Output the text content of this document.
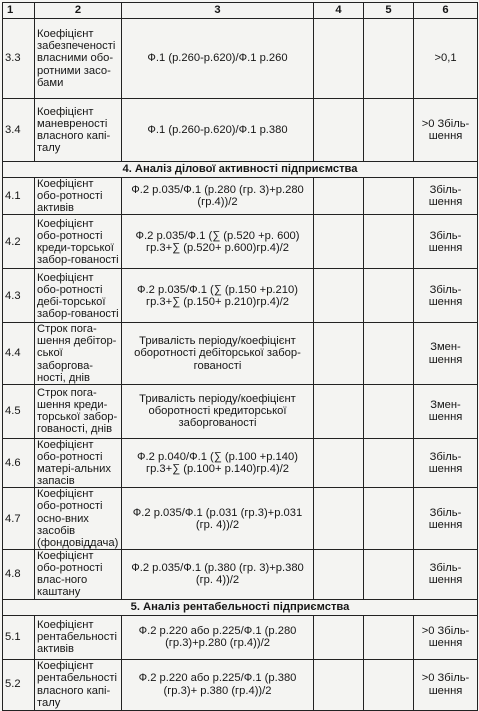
1	2	3	4	5	6
3.3	Коефіцієнт забезпеченості власними обо-ротними засо-бами	Ф.1 (р.260-р.620)/Ф.1 р.260			>0,1
3.4	Коефіцієнт маневреності власного капі-талу	Ф.1 (р.260-р.620)/Ф.1 р.380			>0 Збіль-шення
4. Аналіз ділової активності підприємства					
4.1	Коефіцієнт обо-ротності активів	Ф.2 р.035/Ф.1 (р.280 (гр. 3)+р.280 (гр.4))/2			Збіль-шення
4.2	Коефіцієнт обо-ротності креди-торської забор-гованості	Ф.2 р.035/Ф.1 (∑ (р.520 +р. 600) гр.3+∑ (р.520+ р.600)гр.4)/2			Збіль-шення
4.3	Коефіцієнт обо-ротності дебі-торської забор-гованості	Ф.2 р.035/Ф.1 (∑ (р.150 +р.210) гр.3+∑ (р.150+ р.210)гр.4)/2			Збіль-шення
4.4	Строк пога-шення дебітор-ської заборгова-ності, днів	Тривалість періоду/коефіцієнт оборотності дебіторської забор-гованості			Змен-шення
4.5	Строк пога-шення креди-торської забор-гованості, днів	Тривалість періоду/коефіцієнт оборотності кредиторської заборгованості			Змен-шення
4.6	Коефіцієнт обо-ротності матері-альних запасів	Ф.2 р.040/Ф.1 (∑ (р.100 +р.140) гр.3+∑ (р.100+ р.140)гр.4)/2			Збіль-шення
4.7	Коефіцієнт обо-ротності осно-вних засобів (фондовіддача)	Ф.2 р.035/Ф.1 (р.031 (гр.3)+р.031 (гр. 4))/2			Збіль-шення
4.8	Коефіцієнт обо-ротності влас-ного каштану	Ф.2 р.035/Ф.1 (р.380 (гр. 3)+р.380 (гр. 4))/2			Збіль-шення
5. Аналіз рентабельності підприємства					
5.1	Коефіцієнт рентабельності активів	Ф.2 р.220 або р.225/Ф.1 (р.280 (гр.3)+р.280 (гр.4))/2			>0 Збіль-шення
5.2	Коефіцієнт рентабельності власного капі-талу	Ф.2 р.220 або р.225/Ф.1 (р.380 (гр.3)+ р.380 (гр.4))/2			>0 Збіль-шення
